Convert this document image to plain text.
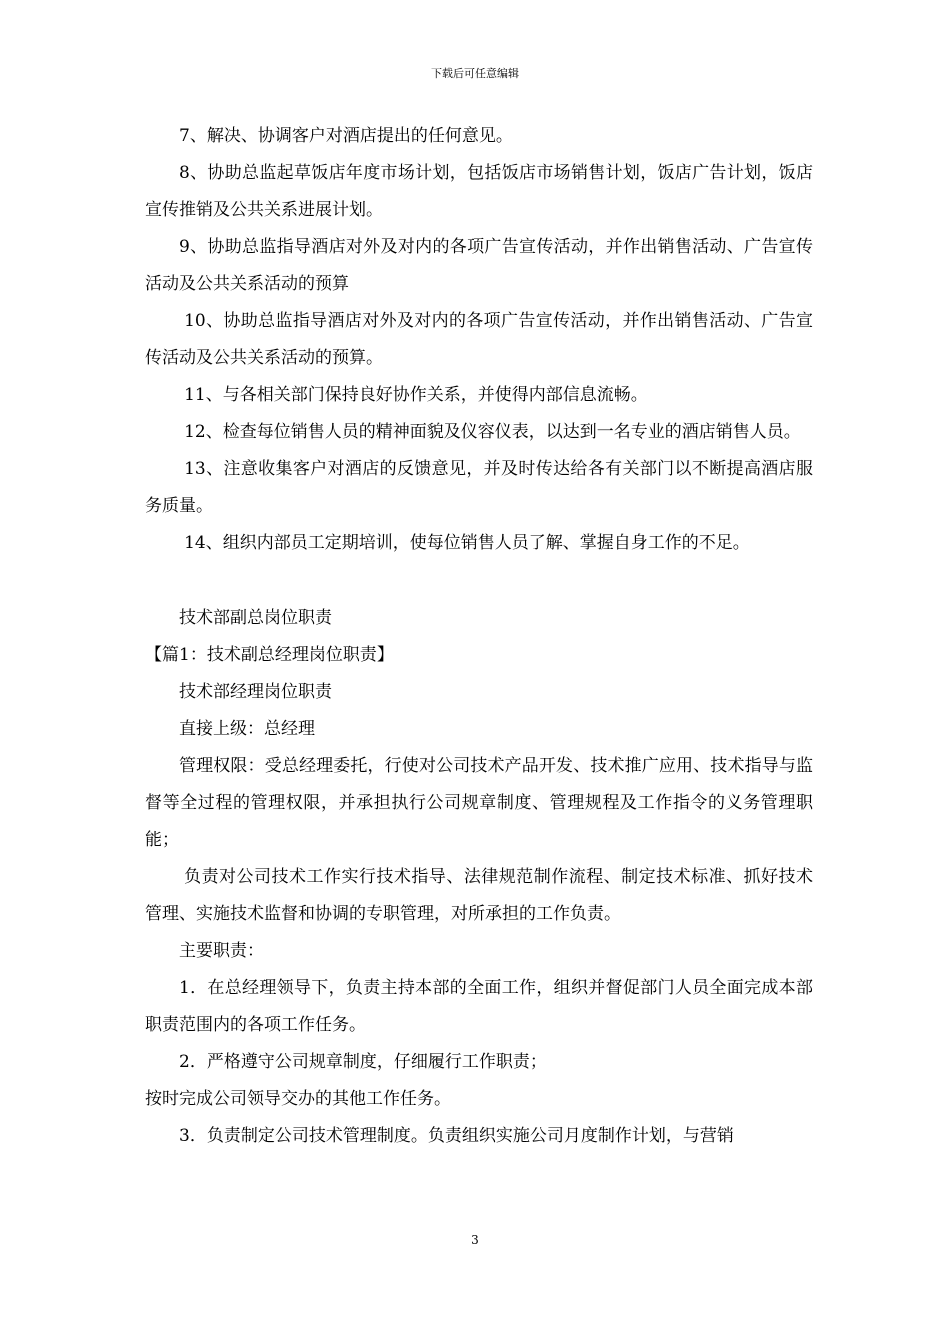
下载后可任意编辑

7、解决、协调客户对酒店提出的任何意见。

8、协助总监起草饭店年度市场计划，包括饭店市场销售计划，饭店广告计划，饭店宣传推销及公共关系进展计划。

9、协助总监指导酒店对外及对内的各项广告宣传活动，并作出销售活动、广告宣传活动及公共关系活动的预算

10、协助总监指导酒店对外及对内的各项广告宣传活动，并作出销售活动、广告宣传活动及公共关系活动的预算。

11、与各相关部门保持良好协作关系，并使得内部信息流畅。

12、检查每位销售人员的精神面貌及仪容仪表，以达到一名专业的酒店销售人员。

13、注意收集客户对酒店的反馈意见，并及时传达给各有关部门以不断提高酒店服务质量。

14、组织内部员工定期培训，使每位销售人员了解、掌握自身工作的不足。

技术部副总岗位职责

【篇1：技术副总经理岗位职责】

技术部经理岗位职责

直接上级：总经理

管理权限：受总经理委托，行使对公司技术产品开发、技术推广应用、技术指导与监督等全过程的管理权限，并承担执行公司规章制度、管理规程及工作指令的义务管理职能；

负责对公司技术工作实行技术指导、法律规范制作流程、制定技术标准、抓好技术管理、实施技术监督和协调的专职管理，对所承担的工作负责。

主要职责：

1．在总经理领导下，负责主持本部的全面工作，组织并督促部门人员全面完成本部职责范围内的各项工作任务。

2．严格遵守公司规章制度，仔细履行工作职责；

按时完成公司领导交办的其他工作任务。

3．负责制定公司技术管理制度。负责组织实施公司月度制作计划，与营销

3
